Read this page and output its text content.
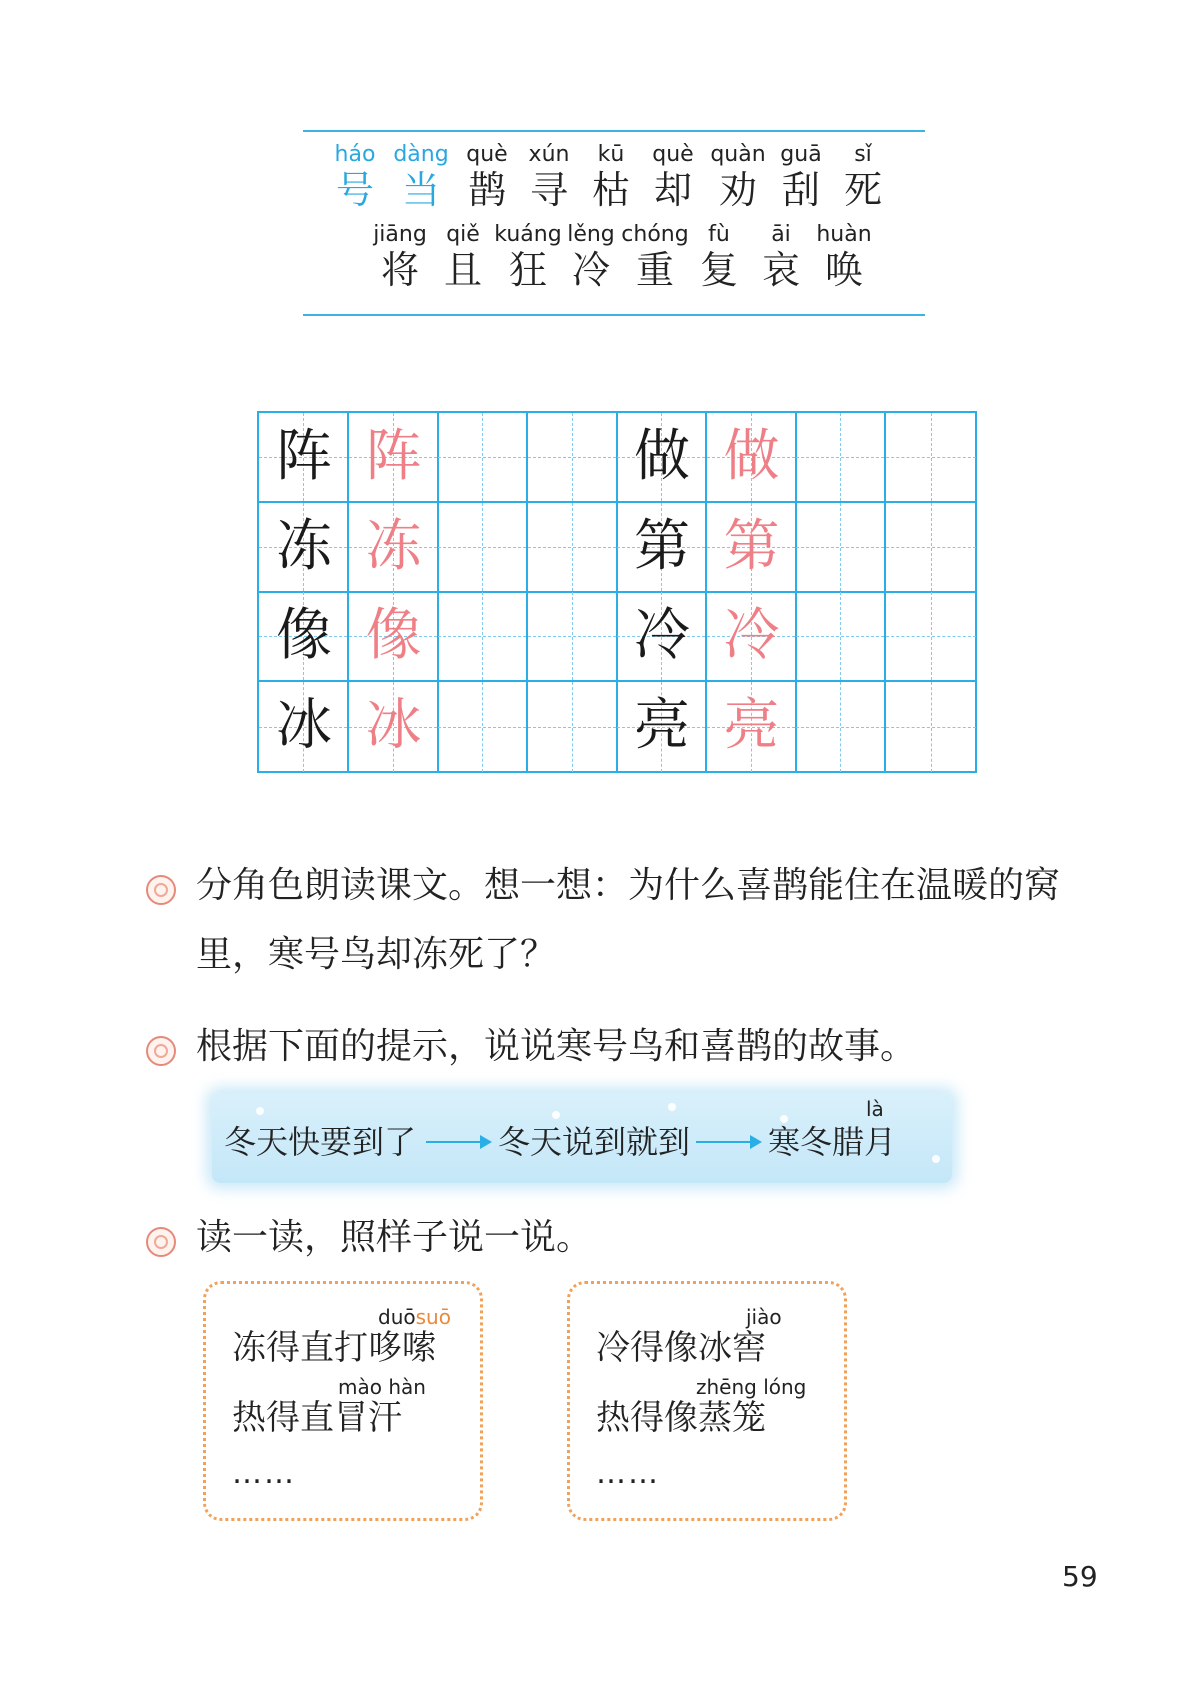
háo
号
dàng
当
què
鹊
xún
寻
kū
枯
què
却
quàn
劝
guā
刮
sǐ
死
jiāng
将
qiě
且
kuáng
狂
lěng
冷
chóng
重
fù
复
āi
哀
huàn
唤
阵 阵	做 做
冻 冻	第 第
像 像	冷 冷
冰 冰	亮 亮
分角色朗读课文。想一想：为什么喜鹊能住在温暖的窝
里，寒号鸟却冻死了？
根据下面的提示，说说寒号鸟和喜鹊的故事。
冬天快要到了	冬天说到就到
là
寒冬腊月
读一读，照样子说一说。
duōsuō
冻得直打哆嗦
mào hàn
热得直冒汗
……
jiào
冷得像冰窖
zhēng lóng
热得像蒸笼
……
59
